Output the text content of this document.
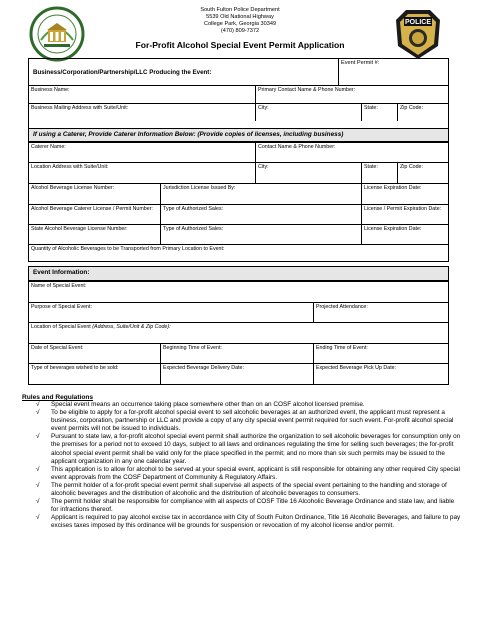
POLICE
South Fulton Police Department
5539 Old National Highway
College Park, Georgia 30349
(470) 809-7372
For-Profit Alcohol Special Event Permit Application
Business/Corporation/Partnership/LLC Producing the Event:
Event Permit #:
Business Name:	Primary Contact Name & Phone Number:
Business Mailing Address with Suite/Unit:	City:	State:	Zip Code:
If using a Caterer, Provide Caterer Information Below: (Provide copies of licenses, including business)
Caterer Name:	Contact Name & Phone Number:
Location Address with Suite/Unit:	City:	State:	Zip Code:
Alcohol Beverage License Number:	Jurisdiction License Issued By:	License Expiration Date:
Alcohol Beverage Caterer License / Permit Number:	Type of Authorized Sales:	License / Permit Expiration Date:
State Alcohol Beverage License Number:	Type of Authorized Sales:	License Expiration Date:
Quantity of Alcoholic Beverages to be Transported from Primary Location to Event:
Event Information:
Name of Special Event:
Purpose of Special Event:	Projected Attendance:
Location of Special Event (Address, Suite/Unit & Zip Code):
Date of Special Event:	Beginning Time of Event:	Ending Time of Event:
Type of beverages wished to be sold:	Expected Beverage Delivery Date:	Expected Beverage Pick Up Date:
Rules and Regulations
√ Special event means an occurrence taking place somewhere other than on an COSF alcohol licensed premise.
√ To be eligible to apply for a for-profit alcohol special event to sell alcoholic beverages at an authorized event, the applicant must represent a business, corporation, partnership or LLC and provide a copy of any city special event permit required for such event. For-profit alcohol special event permits will not be issued to individuals.
√ Pursuant to state law, a for-profit alcohol special event permit shall authorize the organization to sell alcoholic beverages for consumption only on the premises for a period not to exceed 10 days, subject to all laws and ordinances regulating the time for selling such beverages; the for-profit alcohol special event permit shall be valid only for the place specified in the permit; and no more than six such permits may be issued to the applicant organization in any one calendar year.
√ This application is to allow for alcohol to be served at your special event, applicant is still responsible for obtaining any other required City special event approvals from the COSF Department of Community & Regulatory Affairs.
√ The permit holder of a for-profit special event permit shall supervise all aspects of the special event pertaining to the handling and storage of alcoholic beverages and the distribution of alcoholic and the distribution of alcoholic beverages to consumers.
√ The permit holder shall be responsible for compliance with all aspects of COSF Title 16 Alcoholic Beverage Ordinance and state law, and liable for infractions thereof.
√ Applicant is required to pay alcohol excise tax in accordance with City of South Fulton Ordinance, Title 16 Alcoholic Beverages, and failure to pay excises taxes imposed by this ordinance will be grounds for suspension or revocation of my alcohol license and/or permit.
